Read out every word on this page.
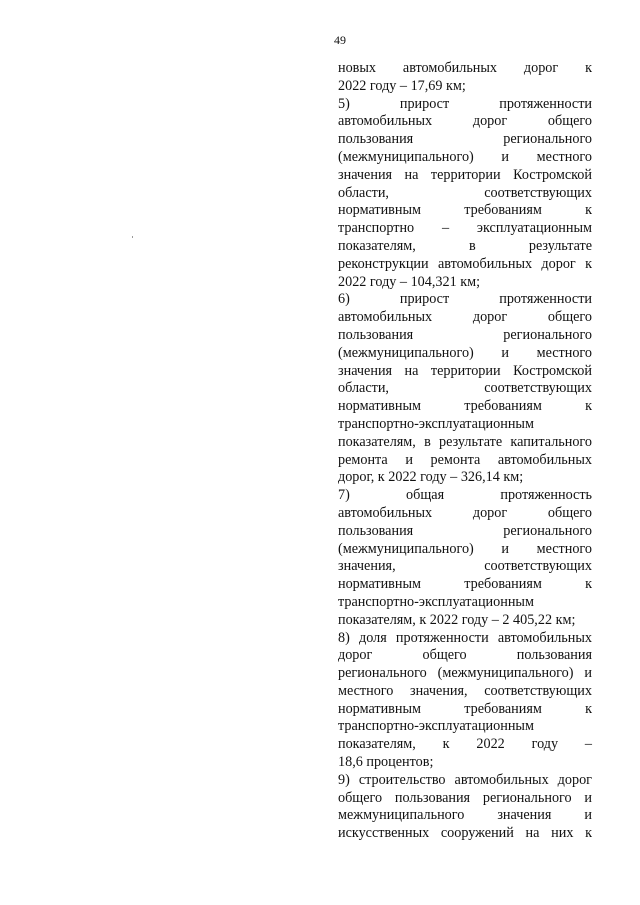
49
новых автомобильных дорог к
2022 году – 17,69 км;
5) прирост протяженности
автомобильных дорог общего
пользования регионального
(межмуниципального) и местного
значения на территории Костромской
области, соответствующих
нормативным требованиям к
транспортно – эксплуатационным
показателям, в результате
реконструкции автомобильных дорог к
2022 году – 104,321 км;
6) прирост протяженности
автомобильных дорог общего
пользования регионального
(межмуниципального) и местного
значения на территории Костромской
области, соответствующих
нормативным требованиям к
транспортно-эксплуатационным
показателям, в результате капитального
ремонта и ремонта автомобильных
дорог, к 2022 году – 326,14 км;
7) общая протяженность
автомобильных дорог общего
пользования регионального
(межмуниципального) и местного
значения, соответствующих
нормативным требованиям к
транспортно-эксплуатационным
показателям, к 2022 году – 2 405,22 км;
8) доля протяженности автомобильных
дорог общего пользования
регионального (межмуниципального) и
местного значения, соответствующих
нормативным требованиям к
транспортно-эксплуатационным
показателям, к 2022 году –
18,6 процентов;
9) строительство автомобильных дорог
общего пользования регионального и
межмуниципального значения и
искусственных сооружений на них к
